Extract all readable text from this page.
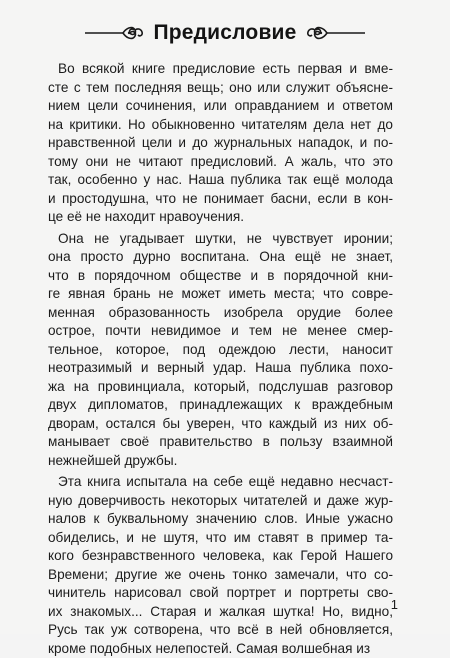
Предисловие
Во всякой книге предисловие есть первая и вме-
сте с тем последняя вещь; оно или служит объясне-
нием цели сочинения, или оправданием и ответом
на критики. Но обыкновенно читателям дела нет до
нравственной цели и до журнальных нападок, и по-
тому они не читают предисловий. А жаль, что это
так, особенно у нас. Наша публика так ещё молода
и простодушна, что не понимает басни, если в кон-
це её не находит нравоучения.
Она не угадывает шутки, не чувствует иронии;
она просто дурно воспитана. Она ещё не знает,
что в порядочном обществе и в порядочной кни-
ге явная брань не может иметь места; что совре-
менная образованность изобрела орудие более
острое, почти невидимое и тем не менее смер-
тельное, которое, под одеждою лести, наносит
неотразимый и верный удар. Наша публика похо-
жа на провинциала, который, подслушав разговор
двух дипломатов, принадлежащих к враждебным
дворам, остался бы уверен, что каждый из них об-
манывает своё правительство в пользу взаимной
нежнейшей дружбы.
Эта книга испытала на себе ещё недавно несчаст-
ную доверчивость некоторых читателей и даже жур-
налов к буквальному значению слов. Иные ужасно
обиделись, и не шутя, что им ставят в пример та-
кого безнравственного человека, как Герой Нашего
Времени; другие же очень тонко замечали, что со-
чинитель нарисовал свой портрет и портреты сво-
их знакомых... Старая и жалкая шутка! Но, видно,
Русь так уж сотворена, что всё в ней обновляется,
кроме подобных нелепостей. Самая волшебная из
1
